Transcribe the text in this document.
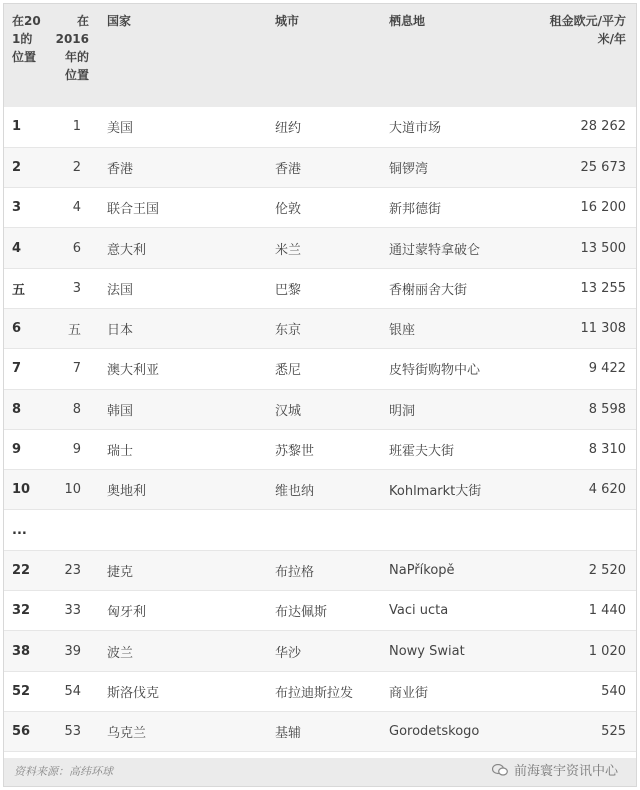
在201的位置	在2016年的位置	国家	城市	栖息地	租金欧元/平方米/年
1	1	美国	纽约	大道市场	28 262
2	2	香港	香港	铜锣湾	25 673
3	4	联合王国	伦敦	新邦德街	16 200
4	6	意大利	米兰	通过蒙特拿破仑	13 500
五	3	法国	巴黎	香榭丽舍大街	13 255
6	五	日本	东京	银座	11 308
7	7	澳大利亚	悉尼	皮特街购物中心	9 422
8	8	韩国	汉城	明洞	8 598
9	9	瑞士	苏黎世	班霍夫大街	8 310
10	10	奥地利	维也纳	Kohlmarkt大街	4 620
...					
22	23	捷克	布拉格	NaPříkopě	2 520
32	33	匈牙利	布达佩斯	Vaci ucta	1 440
38	39	波兰	华沙	Nowy Swiat	1 020
52	54	斯洛伐克	布拉迪斯拉发	商业街	540
56	53	乌克兰	基辅	Gorodetskogo	525
资料来源：高纬环球	前海寰宇资讯中心
